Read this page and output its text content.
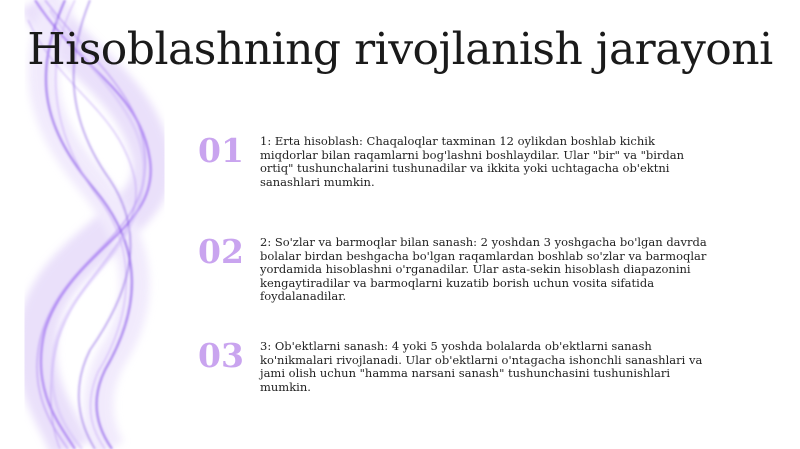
Hisoblashning rivojlanish jarayoni
01	1: Erta hisoblash: Chaqaloqlar taxminan 12 oylikdan boshlab kichik miqdorlar bilan raqamlarni bog'lashni boshlaydilar. Ular "bir" va "birdan ortiq" tushunchalarini tushunadilar va ikkita yoki uchtagacha ob'ektni sanashlari mumkin.
02	2: So'zlar va barmoqlar bilan sanash: 2 yoshdan 3 yoshgacha bo'lgan davrda bolalar birdan beshgacha bo'lgan raqamlardan boshlab so'zlar va barmoqlar yordamida hisoblashni o'rganadilar. Ular asta-sekin hisoblash diapazonini kengaytiradilar va barmoqlarni kuzatib borish uchun vosita sifatida foydalanadilar.
03	3: Ob'ektlarni sanash: 4 yoki 5 yoshda bolalarda ob'ektlarni sanash ko'nikmalari rivojlanadi. Ular ob'ektlarni o'ntagacha ishonchli sanashlari va jami olish uchun "hamma narsani sanash" tushunchasini tushunishlari mumkin.
